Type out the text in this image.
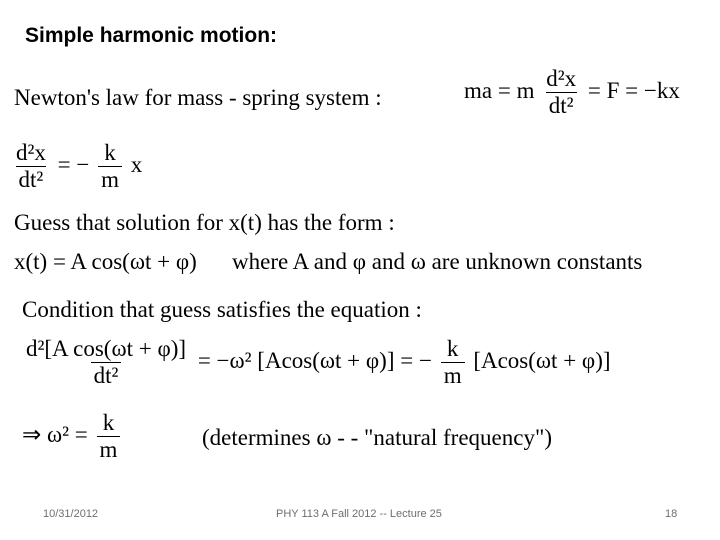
Simple harmonic motion:
Newton's law for mass - spring system :	ma = m $\frac{\text{d²x}}{\text{dt²}} = F = -kx$
$\frac{\text{d²x}}{\text{dt²}}$ = − $\frac{k}{m}$ x
Guess that solution for x(t) has the form :
x(t) = A cos(ωt + φ) where A and φ and ω are unknown constants
Condition that guess satisfies the equation :
$\frac{\text{d²[A cos(ωt + φ)]}}{\text{dt²}} = -\omega^2$ [Acos(ωt + φ)] = − $\frac{k}{m} [Acos(\omega t + \varphi)]$
⇒ $\omega^2 = \frac{k}{m}$	(determines ω - - "natural frequency")
10/31/2012	PHY 113 A Fall 2012 -- Lecture 25	18
